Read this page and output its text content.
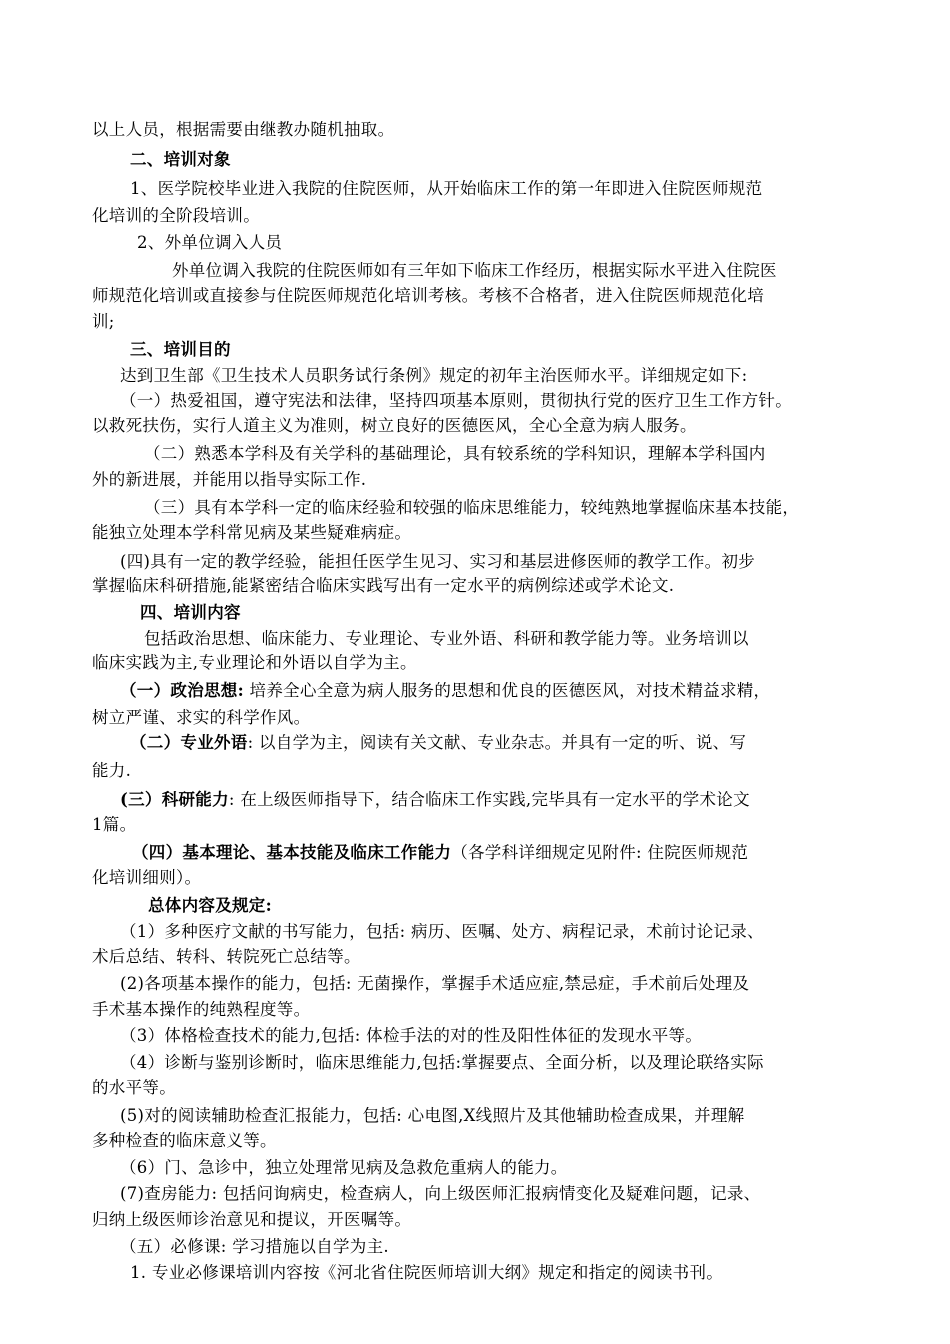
以上人员，根据需要由继教办随机抽取。
二、培训对象
1、医学院校毕业进入我院的住院医师，从开始临床工作的第一年即进入住院医师规范
化培训的全阶段培训。
2、外单位调入人员
外单位调入我院的住院医师如有三年如下临床工作经历，根据实际水平进入住院医
师规范化培训或直接参与住院医师规范化培训考核。考核不合格者，进入住院医师规范化培
训;
三、培训目的
达到卫生部《卫生技术人员职务试行条例》规定的初年主治医师水平。详细规定如下:
（一）热爱祖国，遵守宪法和法律，坚持四项基本原则，贯彻执行党的医疗卫生工作方针。
以救死扶伤，实行人道主义为准则，树立良好的医德医风，全心全意为病人服务。
（二）熟悉本学科及有关学科的基础理论，具有较系统的学科知识，理解本学科国内
外的新进展，并能用以指导实际工作.
（三）具有本学科一定的临床经验和较强的临床思维能力，较纯熟地掌握临床基本技能，
能独立处理本学科常见病及某些疑难病症。
(四)具有一定的教学经验，能担任医学生见习、实习和基层进修医师的教学工作。初步
掌握临床科研措施,能紧密结合临床实践写出有一定水平的病例综述或学术论文.
四、培训内容
包括政治思想、临床能力、专业理论、专业外语、科研和教学能力等。业务培训以
临床实践为主,专业理论和外语以自学为主。
（一）政治思想: 培养全心全意为病人服务的思想和优良的医德医风，对技术精益求精，
树立严谨、求实的科学作风。
（二）专业外语: 以自学为主，阅读有关文献、专业杂志。并具有一定的听、说、写
能力.
(三）科研能力: 在上级医师指导下，结合临床工作实践,完毕具有一定水平的学术论文
1篇。
（四）基本理论、基本技能及临床工作能力（各学科详细规定见附件: 住院医师规范
化培训细则）。
总体内容及规定:
（1）多种医疗文献的书写能力，包括: 病历、医嘱、处方、病程记录，术前讨论记录、
术后总结、转科、转院死亡总结等。
(2)各项基本操作的能力，包括: 无菌操作，掌握手术适应症,禁忌症，手术前后处理及
手术基本操作的纯熟程度等。
（3）体格检查技术的能力,包括: 体检手法的对的性及阳性体征的发现水平等。
（4）诊断与鉴别诊断时，临床思维能力,包括:掌握要点、全面分析，以及理论联络实际
的水平等。
(5)对的阅读辅助检查汇报能力，包括: 心电图,X线照片及其他辅助检查成果，并理解
多种检查的临床意义等。
（6）门、急诊中，独立处理常见病及急救危重病人的能力。
(7)查房能力: 包括问询病史，检查病人，向上级医师汇报病情变化及疑难问题，记录、
归纳上级医师诊治意见和提议，开医嘱等。
（五）必修课: 学习措施以自学为主.
1. 专业必修课培训内容按《河北省住院医师培训大纲》规定和指定的阅读书刊。
